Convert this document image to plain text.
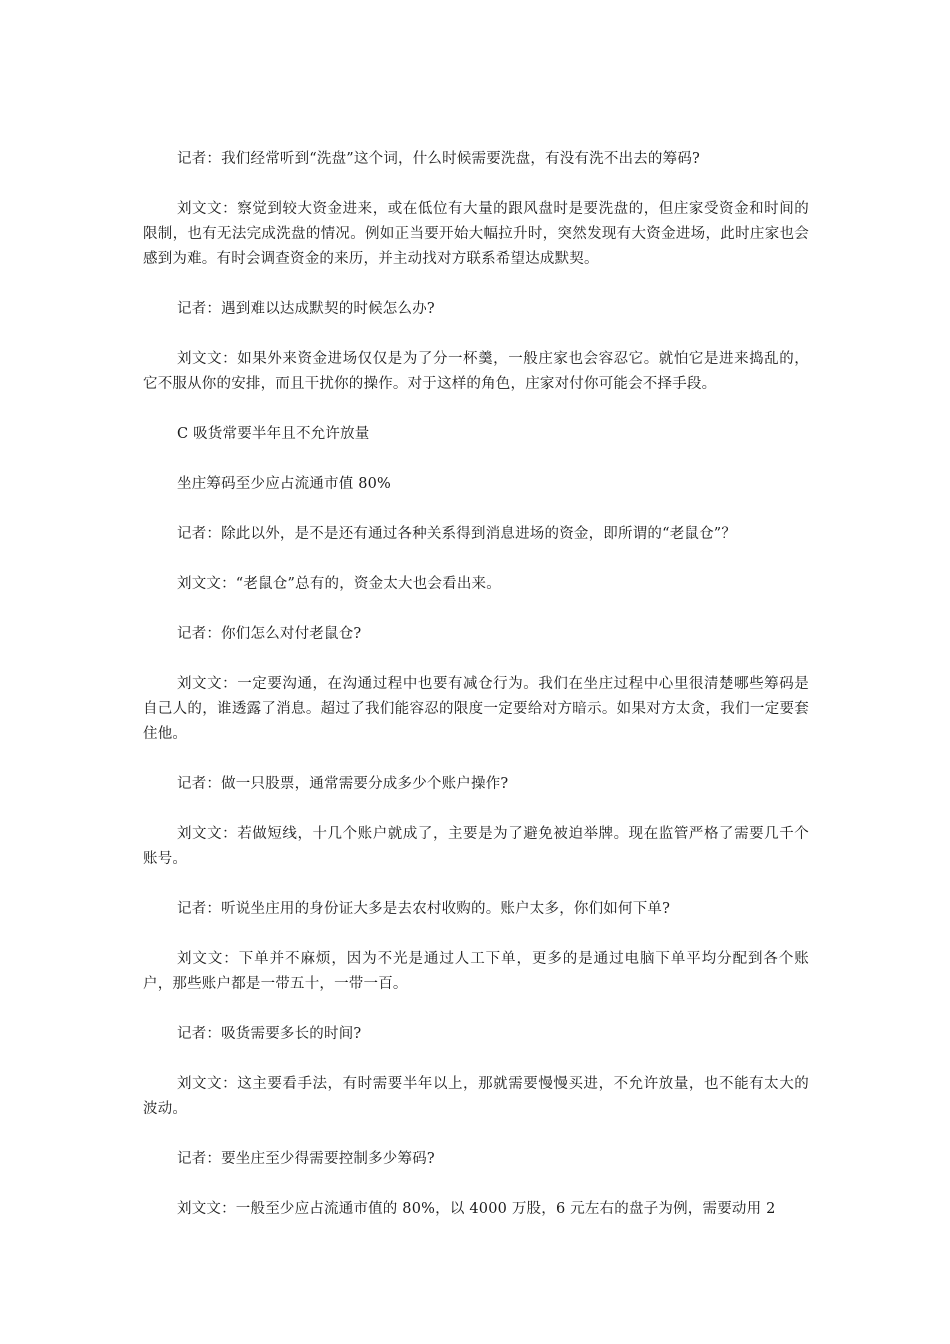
记者：我们经常听到“洗盘”这个词，什么时候需要洗盘，有没有洗不出去的筹码?

刘文文：察觉到较大资金进来，或在低位有大量的跟风盘时是要洗盘的，但庄家受资金和时间的限制，也有无法完成洗盘的情况。例如正当要开始大幅拉升时，突然发现有大资金进场，此时庄家也会感到为难。有时会调查资金的来历，并主动找对方联系希望达成默契。

记者：遇到难以达成默契的时候怎么办?

刘文文：如果外来资金进场仅仅是为了分一杯羹，一般庄家也会容忍它。就怕它是进来捣乱的，它不服从你的安排，而且干扰你的操作。对于这样的角色，庄家对付你可能会不择手段。

C 吸货常要半年且不允许放量

坐庄筹码至少应占流通市值 80%

记者：除此以外，是不是还有通过各种关系得到消息进场的资金，即所谓的“老鼠仓”？

刘文文：“老鼠仓”总有的，资金太大也会看出来。

记者：你们怎么对付老鼠仓?

刘文文：一定要沟通，在沟通过程中也要有减仓行为。我们在坐庄过程中心里很清楚哪些筹码是自己人的，谁透露了消息。超过了我们能容忍的限度一定要给对方暗示。如果对方太贪，我们一定要套住他。

记者：做一只股票，通常需要分成多少个账户操作?

刘文文：若做短线，十几个账户就成了，主要是为了避免被迫举牌。现在监管严格了需要几千个账号。

记者：听说坐庄用的身份证大多是去农村收购的。账户太多，你们如何下单?

刘文文：下单并不麻烦，因为不光是通过人工下单，更多的是通过电脑下单平均分配到各个账户，那些账户都是一带五十，一带一百。

记者：吸货需要多长的时间?

刘文文：这主要看手法，有时需要半年以上，那就需要慢慢买进，不允许放量，也不能有太大的波动。

记者：要坐庄至少得需要控制多少筹码?

刘文文：一般至少应占流通市值的 80%，以 4000 万股，6 元左右的盘子为例，需要动用 2
